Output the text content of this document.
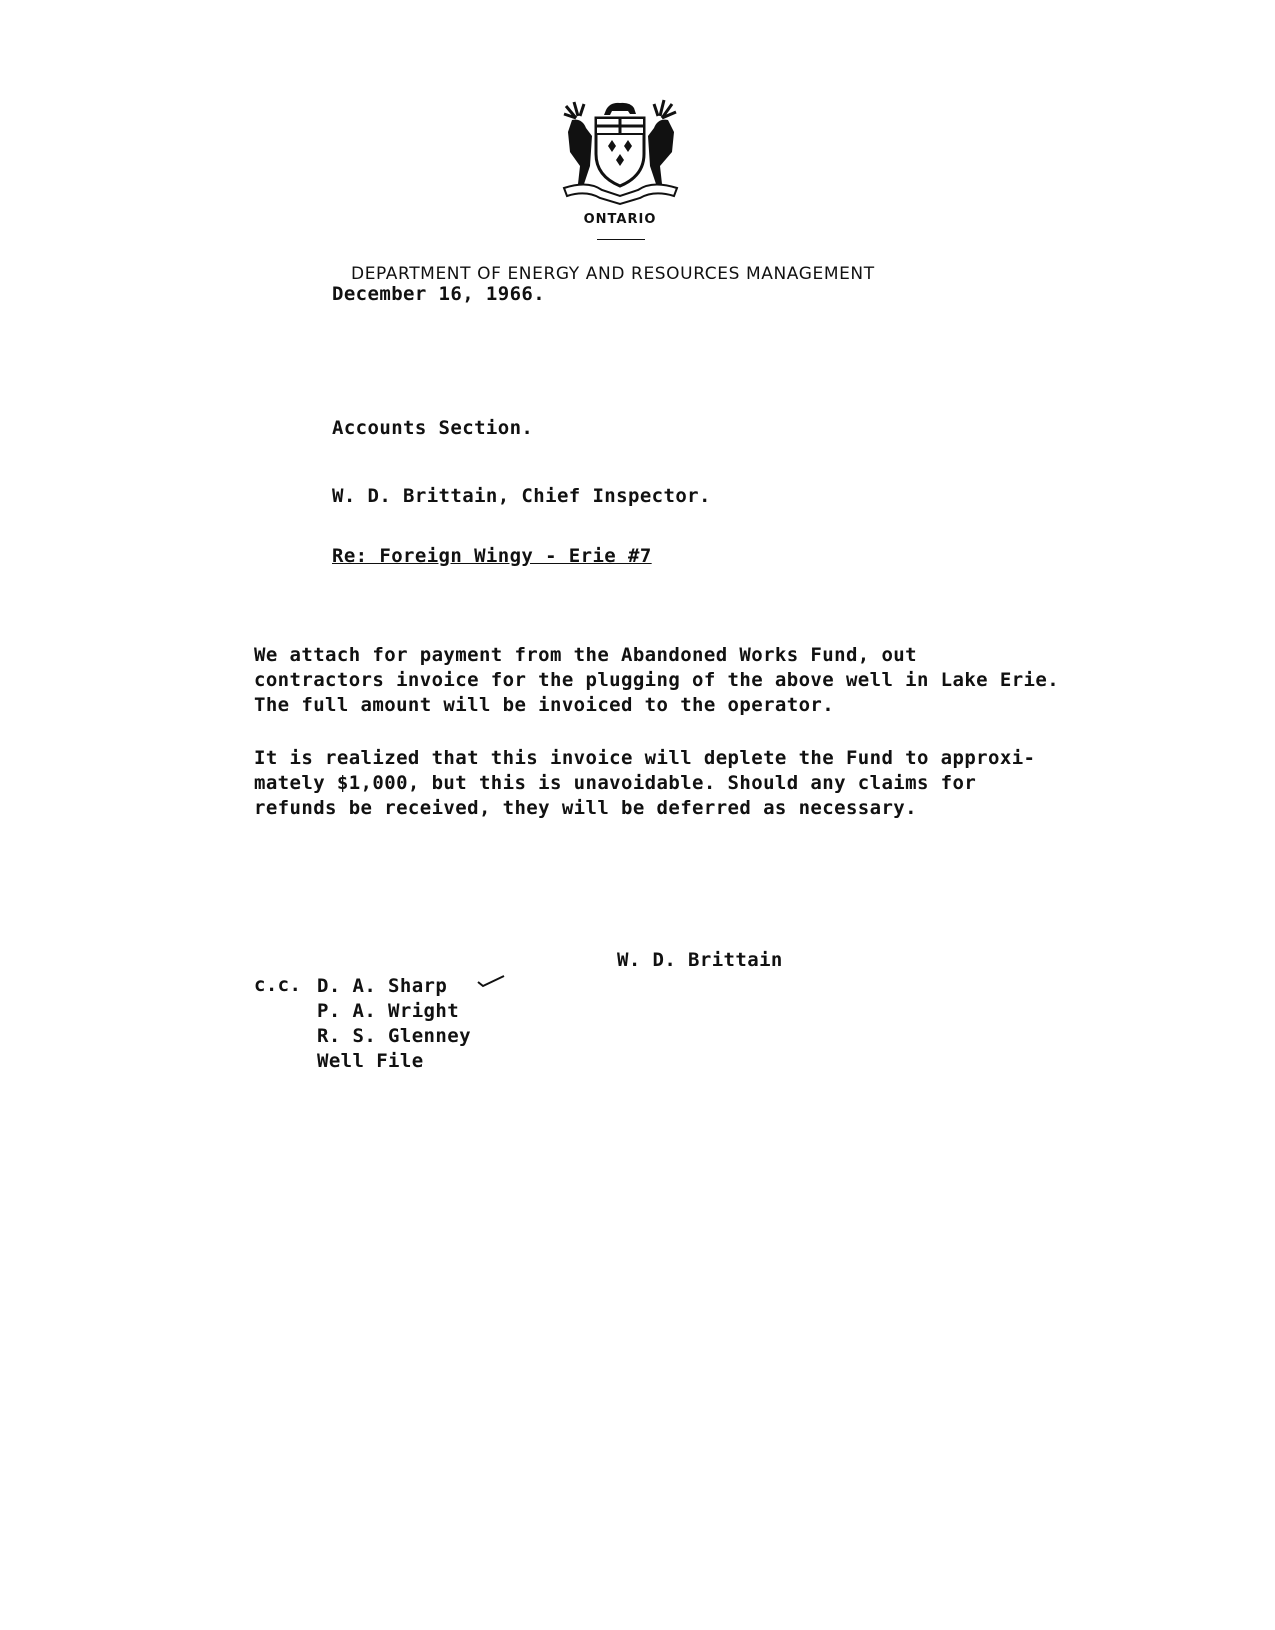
ONTARIO
DEPARTMENT OF ENERGY AND RESOURCES MANAGEMENT
December 16, 1966.
Accounts Section.
W. D. Brittain, Chief Inspector.
Re: Foreign Wingy - Erie #7
We attach for payment from the Abandoned Works Fund, out
contractors invoice for the plugging of the above well in Lake Erie.
The full amount will be invoiced to the operator.
It is realized that this invoice will deplete the Fund to approxi-
mately $1,000, but this is unavoidable. Should any claims for
refunds be received, they will be deferred as necessary.
W. D. Brittain
c.c. D. A. Sharp
P. A. Wright
R. S. Glenney
Well File
